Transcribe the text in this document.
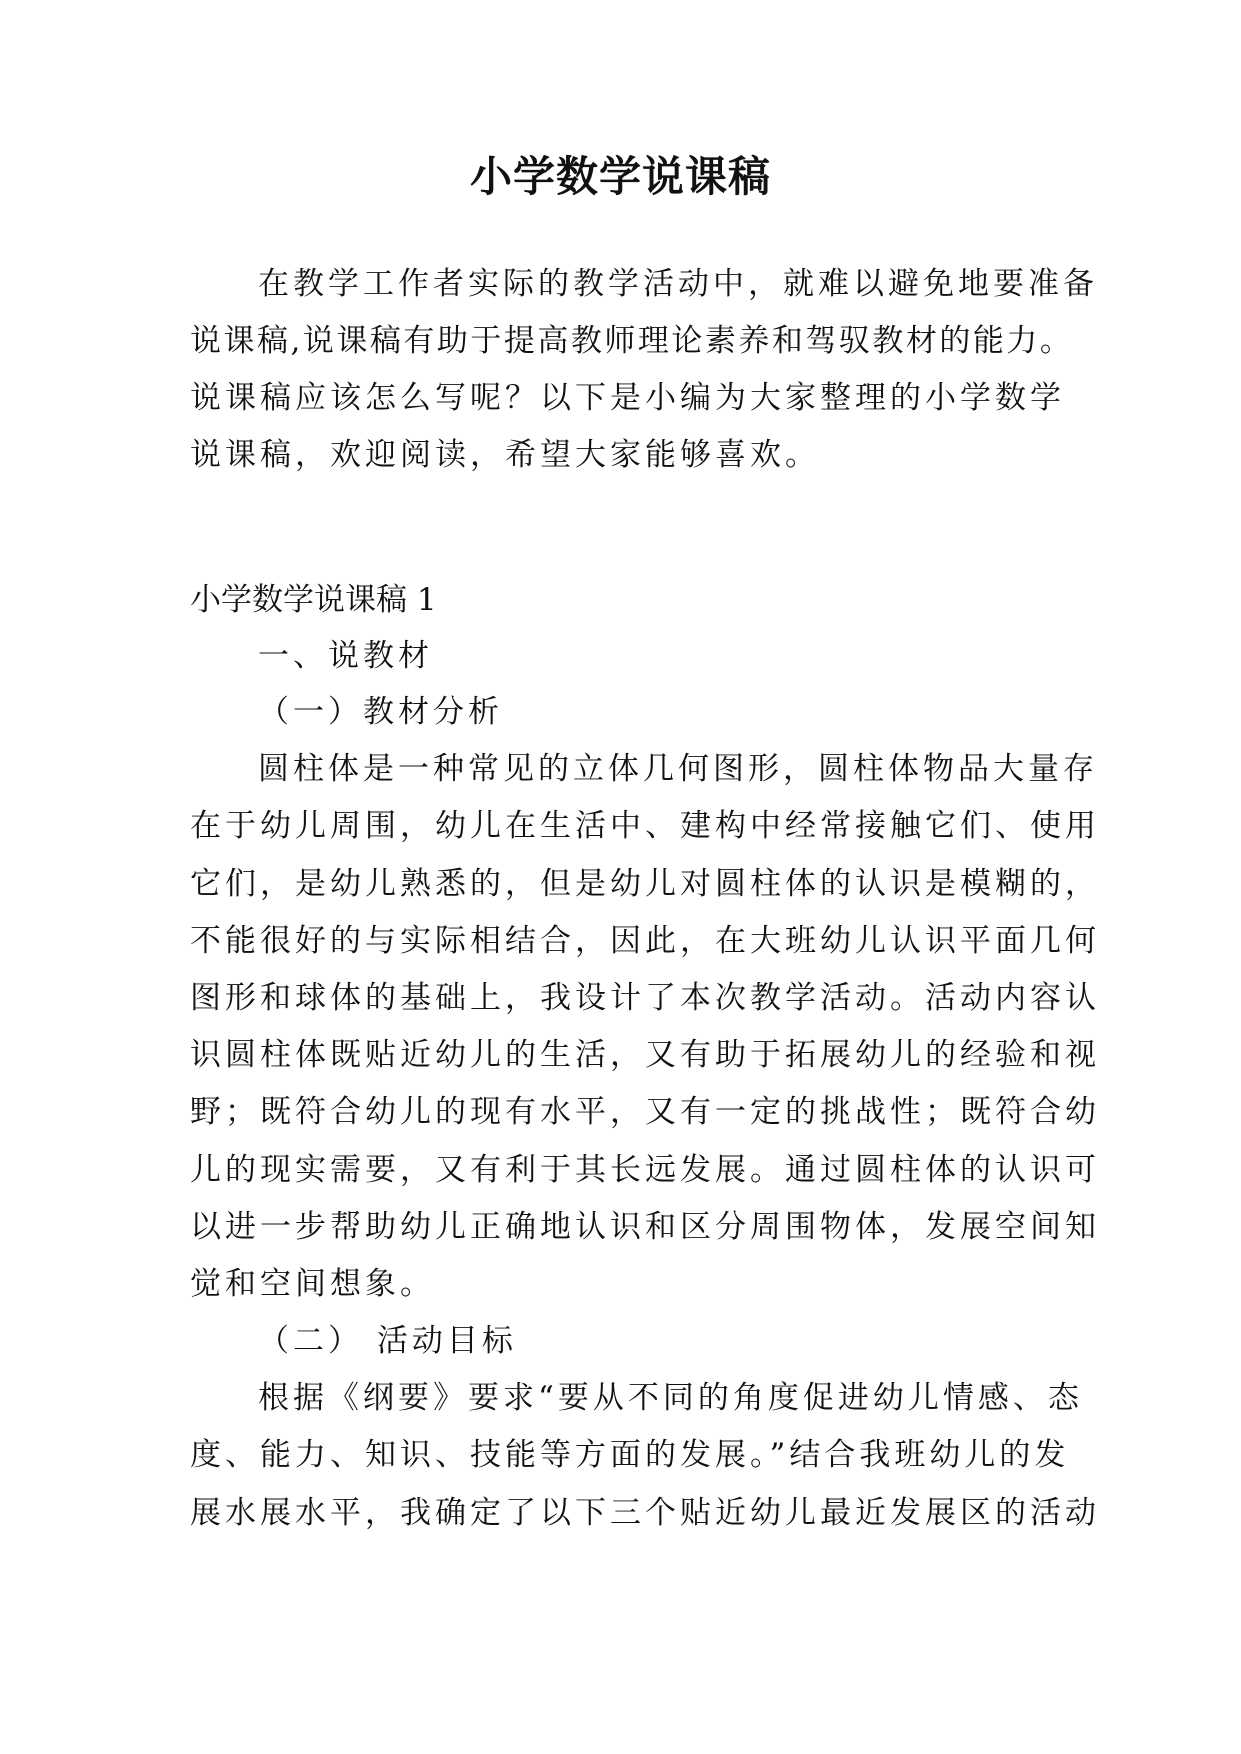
小学数学说课稿
在教学工作者实际的教学活动中，就难以避免地要准备
说课稿,说课稿有助于提高教师理论素养和驾驭教材的能力。
说课稿应该怎么写呢？以下是小编为大家整理的小学数学
说课稿，欢迎阅读，希望大家能够喜欢。
小学数学说课稿 1
一、说教材
（一）教材分析
圆柱体是一种常见的立体几何图形，圆柱体物品大量存
在于幼儿周围，幼儿在生活中、建构中经常接触它们、使用
它们，是幼儿熟悉的，但是幼儿对圆柱体的认识是模糊的，
不能很好的与实际相结合，因此，在大班幼儿认识平面几何
图形和球体的基础上，我设计了本次教学活动。活动内容认
识圆柱体既贴近幼儿的生活，又有助于拓展幼儿的经验和视
野；既符合幼儿的现有水平，又有一定的挑战性；既符合幼
儿的现实需要，又有利于其长远发展。通过圆柱体的认识可
以进一步帮助幼儿正确地认识和区分周围物体，发展空间知
觉和空间想象。
（二） 活动目标
根据《纲要》要求“要从不同的角度促进幼儿情感、态
度、能力、知识、技能等方面的发展。”结合我班幼儿的发
展水展水平，我确定了以下三个贴近幼儿最近发展区的活动
